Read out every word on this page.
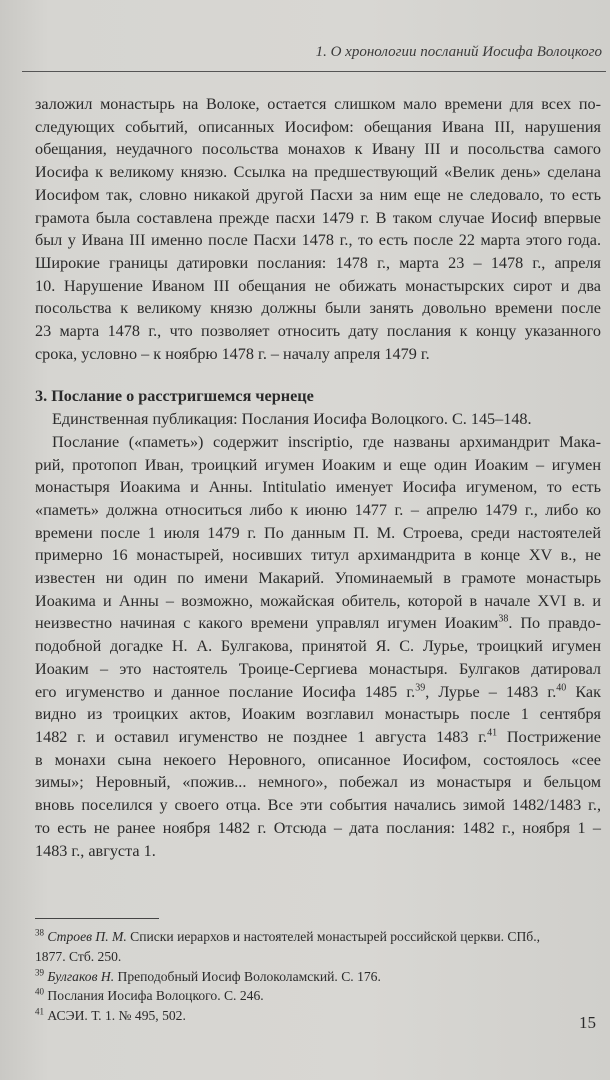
1. О хронологии посланий Иосифа Волоцкого
заложил монастырь на Волоке, остается слишком мало времени для всех по-
следующих событий, описанных Иосифом: обещания Ивана III, нарушения
обещания, неудачного посольства монахов к Ивану III и посольства самого
Иосифа к великому князю. Ссылка на предшествующий «Велик день» сделана
Иосифом так, словно никакой другой Пасхи за ним еще не следовало, то есть
грамота была составлена прежде пасхи 1479 г. В таком случае Иосиф впервые
был у Ивана III именно после Пасхи 1478 г., то есть после 22 марта этого года.
Широкие границы датировки послания: 1478 г., марта 23 – 1478 г., апреля
10. Нарушение Иваном III обещания не обижать монастырских сирот и два
посольства к великому князю должны были занять довольно времени после
23 марта 1478 г., что позволяет относить дату послания к концу указанного
срока, условно – к ноябрю 1478 г. – началу апреля 1479 г.
3. Послание о расстригшемся чернеце
Единственная публикация: Послания Иосифа Волоцкого. С. 145–148.
Послание («паметь») содержит inscriptio, где названы архимандрит Мака-
рий, протопоп Иван, троицкий игумен Иоаким и еще один Иоаким – игумен
монастыря Иоакима и Анны. Intitulatio именует Иосифа игуменом, то есть
«паметь» должна относиться либо к июню 1477 г. – апрелю 1479 г., либо ко
времени после 1 июля 1479 г. По данным П. М. Строева, среди настоятелей
примерно 16 монастырей, носивших титул архимандрита в конце XV в., не
известен ни один по имени Макарий. Упоминаемый в грамоте монастырь
Иоакима и Анны – возможно, можайская обитель, которой в начале XVI в. и
неизвестно начиная с какого времени управлял игумен Иоаким$^{38}$. По правдо-
подобной догадке Н. А. Булгакова, принятой Я. С. Лурье, троицкий игумен
Иоаким – это настоятель Троице-Сергиева монастыря. Булгаков датировал
его игуменство и данное послание Иосифа 1485 г.$^{39}$, Лурье – 1483 г.$^{40}$ Как
видно из троицких актов, Иоаким возглавил монастырь после 1 сентября
1482 г. и оставил игуменство не позднее 1 августа 1483 г.$^{41}$ Пострижение
в монахи сына некоего Неровного, описанное Иосифом, состоялось «сее
зимы»; Неровный, «пожив... немного», побежал из монастыря и бельцом
вновь поселился у своего отца. Все эти события начались зимой 1482/1483 г.,
то есть не ранее ноября 1482 г. Отсюда – дата послания: 1482 г., ноября 1 –
1483 г., августа 1.
$^{38}$ Строев П. М. Списки иерархов и настоятелей монастырей российской церкви. СПб.,
1877. Стб. 250.
$^{39}$ Булгаков Н. Преподобный Иосиф Волоколамский. С. 176.
$^{40}$ Послания Иосифа Волоцкого. С. 246.
$^{41}$ АСЭИ. Т. 1. № 495, 502.	15
